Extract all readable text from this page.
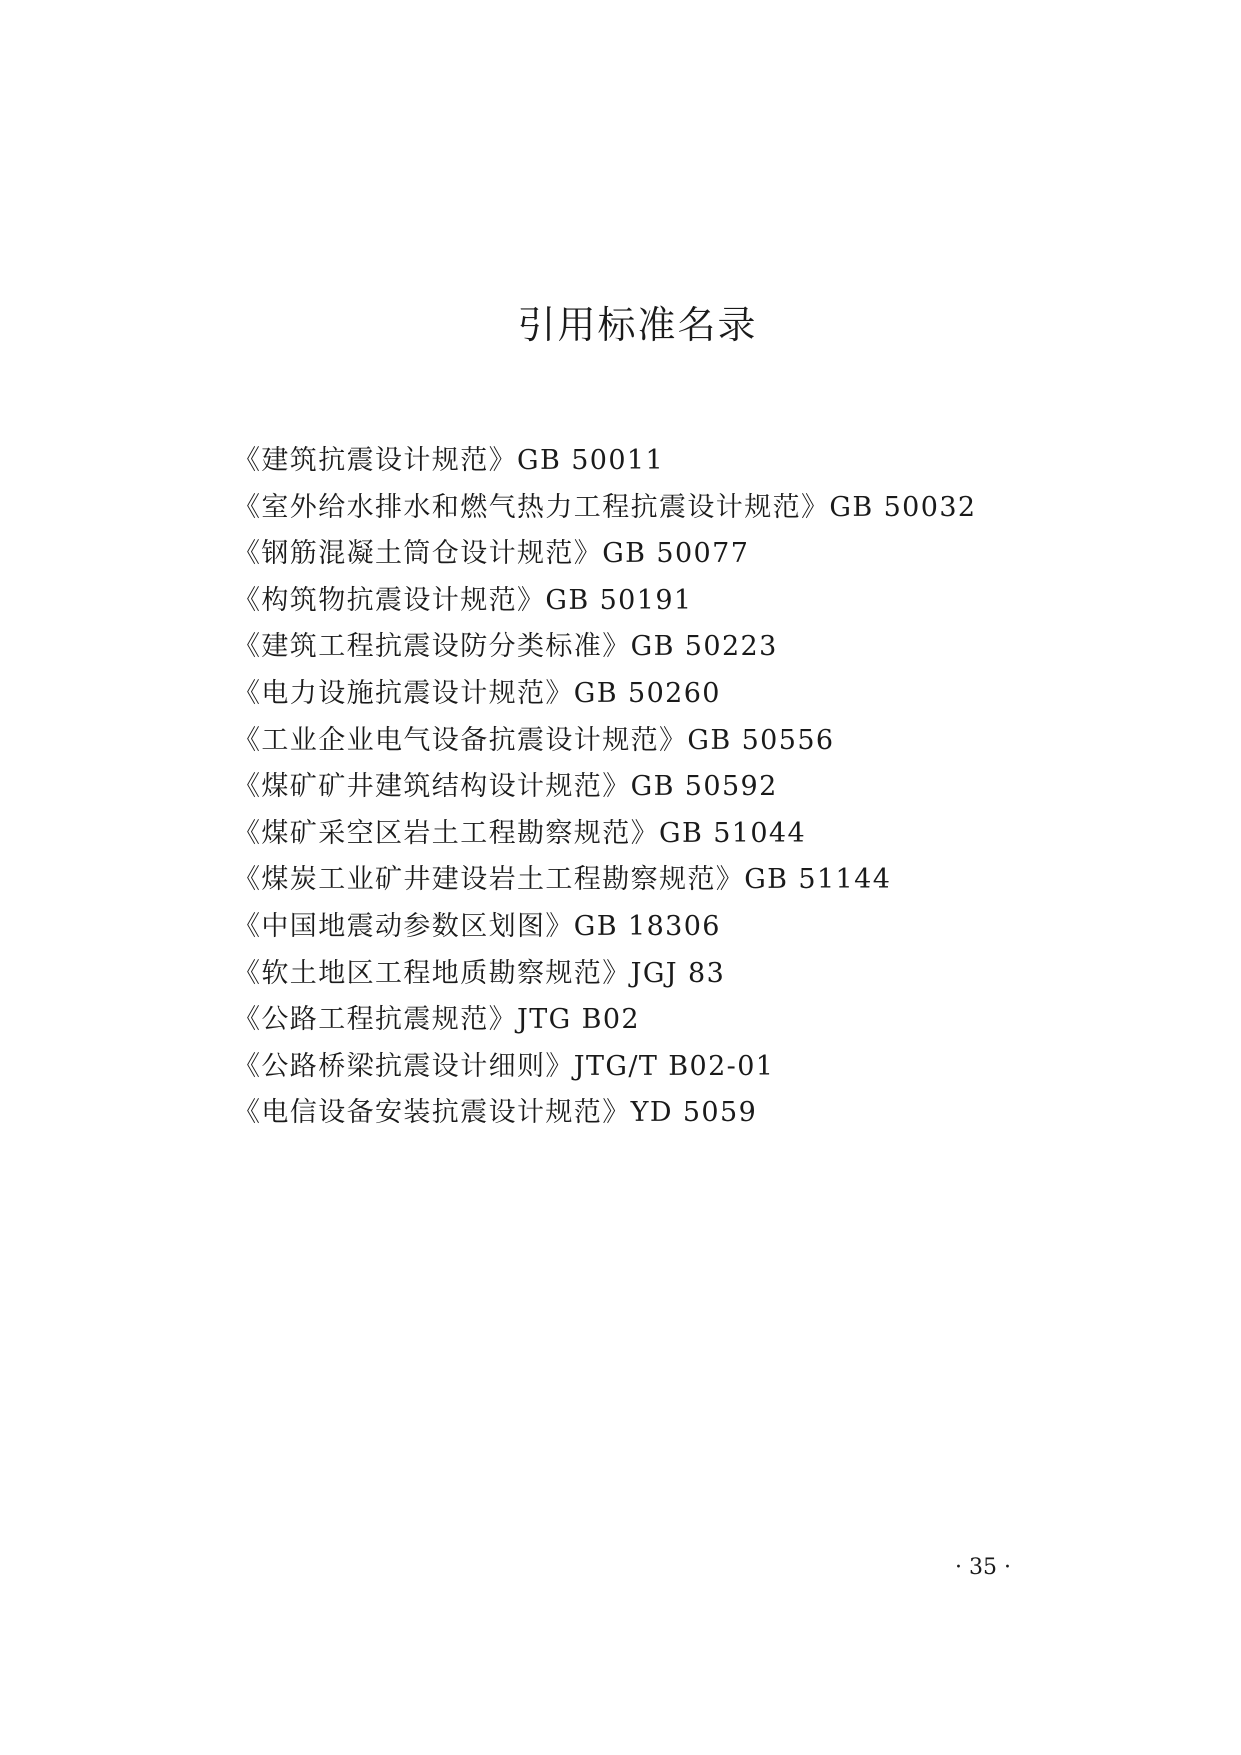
引用标准名录
《建筑抗震设计规范》GB 50011
《室外给水排水和燃气热力工程抗震设计规范》GB 50032
《钢筋混凝土筒仓设计规范》GB 50077
《构筑物抗震设计规范》GB 50191
《建筑工程抗震设防分类标准》GB 50223
《电力设施抗震设计规范》GB 50260
《工业企业电气设备抗震设计规范》GB 50556
《煤矿矿井建筑结构设计规范》GB 50592
《煤矿采空区岩土工程勘察规范》GB 51044
《煤炭工业矿井建设岩土工程勘察规范》GB 51144
《中国地震动参数区划图》GB 18306
《软土地区工程地质勘察规范》JGJ 83
《公路工程抗震规范》JTG B02
《公路桥梁抗震设计细则》JTG/T B02-01
《电信设备安装抗震设计规范》YD 5059
· 35 ·
